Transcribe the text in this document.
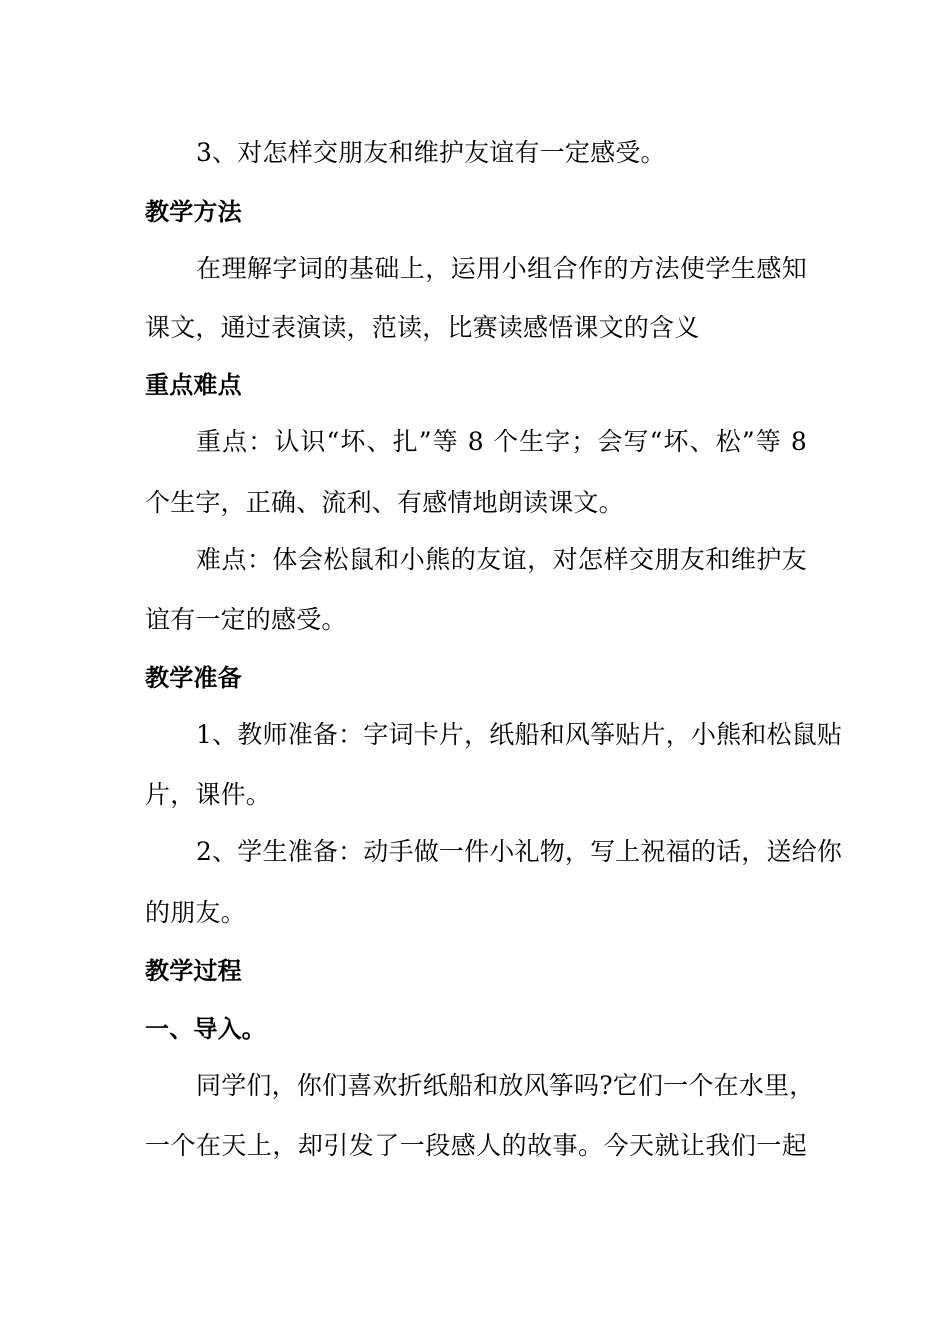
3、对怎样交朋友和维护友谊有一定感受。
教学方法
在理解字词的基础上，运用小组合作的方法使学生感知
课文，通过表演读，范读，比赛读感悟课文的含义
重点难点
重点：认识“坏、扎”等 8 个生字；会写“坏、松”等 8
个生字，正确、流利、有感情地朗读课文。
难点：体会松鼠和小熊的友谊，对怎样交朋友和维护友
谊有一定的感受。
教学准备
1、教师准备：字词卡片，纸船和风筝贴片，小熊和松鼠贴
片，课件。
2、学生准备：动手做一件小礼物，写上祝福的话，送给你
的朋友。
教学过程
一、导入。
同学们，你们喜欢折纸船和放风筝吗?它们一个在水里，
一个在天上，却引发了一段感人的故事。今天就让我们一起
